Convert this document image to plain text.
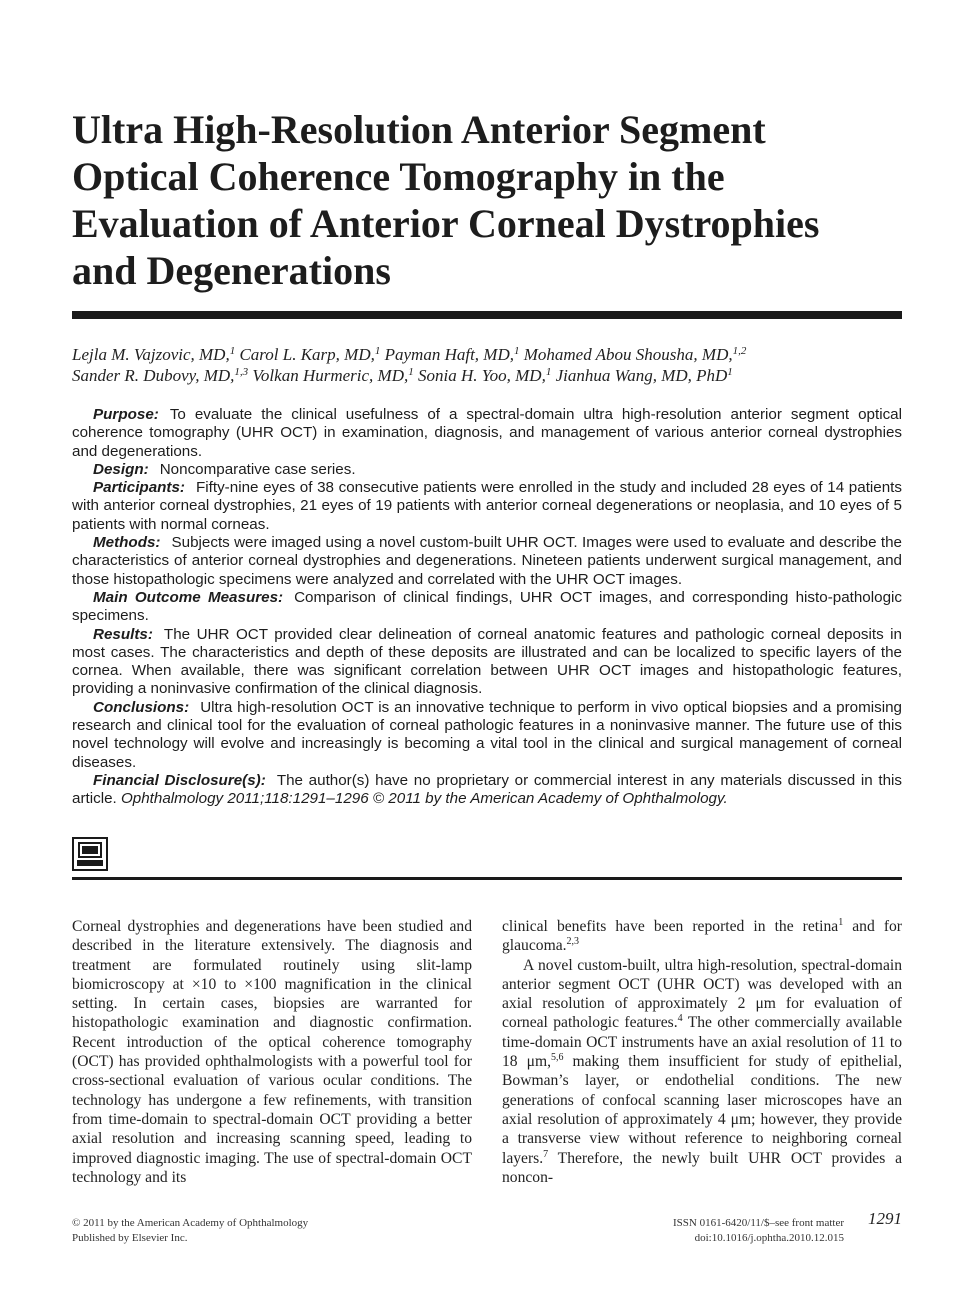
Ultra High-Resolution Anterior Segment
Optical Coherence Tomography in the
Evaluation of Anterior Corneal Dystrophies
and Degenerations
Lejla M. Vajzovic, MD,$^1$ Carol L. Karp, MD,$^1$ Payman Haft, MD,$^1$ Mohamed Abou Shousha, MD,$^{1,2}$
Sander R. Dubovy, MD,$^{1,3}$ Volkan Hurmeric, MD,$^1$ Sonia H. Yoo, MD,$^1$ Jianhua Wang, MD, PhD$^1$

Purpose: To evaluate the clinical usefulness of a spectral-domain ultra high-resolution anterior segment optical coherence tomography (UHR OCT) in examination, diagnosis, and management of various anterior corneal dystrophies and degenerations.

Design: Noncomparative case series.

Participants: Fifty-nine eyes of 38 consecutive patients were enrolled in the study and included 28 eyes of 14 patients with anterior corneal dystrophies, 21 eyes of 19 patients with anterior corneal degenerations or neoplasia, and 10 eyes of 5 patients with normal corneas.

Methods: Subjects were imaged using a novel custom-built UHR OCT. Images were used to evaluate and describe the characteristics of anterior corneal dystrophies and degenerations. Nineteen patients underwent surgical management, and those histopathologic specimens were analyzed and correlated with the UHR OCT images.

Main Outcome Measures: Comparison of clinical findings, UHR OCT images, and corresponding histo-pathologic specimens.

Results: The UHR OCT provided clear delineation of corneal anatomic features and pathologic corneal deposits in most cases. The characteristics and depth of these deposits are illustrated and can be localized to specific layers of the cornea. When available, there was significant correlation between UHR OCT images and histopathologic features, providing a noninvasive confirmation of the clinical diagnosis.

Conclusions: Ultra high-resolution OCT is an innovative technique to perform in vivo optical biopsies and a promising research and clinical tool for the evaluation of corneal pathologic features in a noninvasive manner. The future use of this novel technology will evolve and increasingly is becoming a vital tool in the clinical and surgical management of corneal diseases.

Financial Disclosure(s): The author(s) have no proprietary or commercial interest in any materials discussed in this article. Ophthalmology 2011;118:1291–1296 © 2011 by the American Academy of Ophthalmology.

Corneal dystrophies and degenerations have been studied and described in the literature extensively. The diagnosis and treatment are formulated routinely using slit-lamp biomicroscopy at ×10 to ×100 magnification in the clinical setting. In certain cases, biopsies are warranted for histopathologic examination and diagnostic confirmation. Recent introduction of the optical coherence tomography (OCT) has provided ophthalmologists with a powerful tool for cross-sectional evaluation of various ocular conditions. The technology has undergone a few refinements, with transition from time-domain to spectral-domain OCT providing a better axial resolution and increasing scanning speed, leading to improved diagnostic imaging. The use of spectral-domain OCT technology and its

clinical benefits have been reported in the retina$^1$ and for glaucoma.$^{2,3}$

A novel custom-built, ultra high-resolution, spectral-domain anterior segment OCT (UHR OCT) was developed with an axial resolution of approximately 2 μm for evaluation of corneal pathologic features.$^4$ The other commercially available time-domain OCT instruments have an axial resolution of 11 to 18 μm,$^{5,6}$ making them insufficient for study of epithelial, Bowman’s layer, or endothelial conditions. The new generations of confocal scanning laser microscopes have an axial resolution of approximately 4 μm; however, they provide a transverse view without reference to neighboring corneal layers.$^7$ Therefore, the newly built UHR OCT provides a noncon-

© 2011 by the American Academy of Ophthalmology
Published by Elsevier Inc.
ISSN 0161-6420/11/$–see front matter
doi:10.1016/j.ophtha.2010.12.015
1291
